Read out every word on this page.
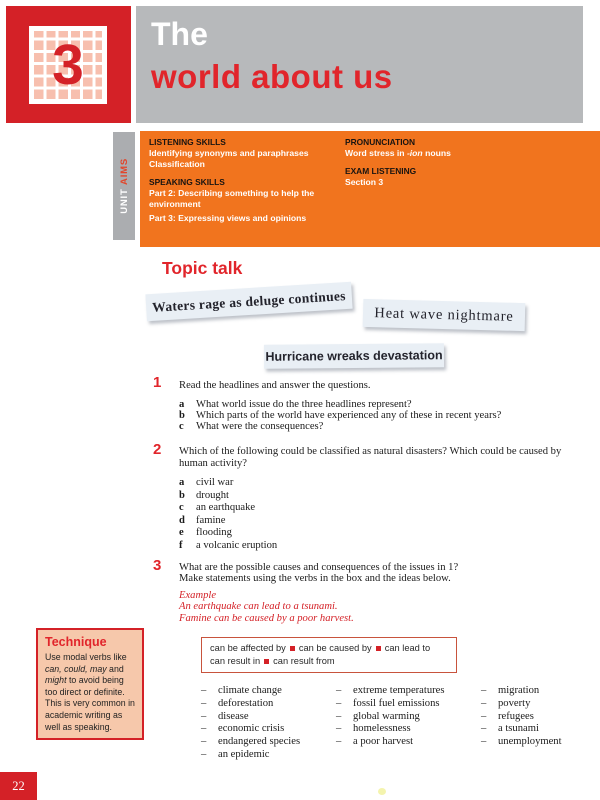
3	The
world about us
UNIT AIMS
LISTENING SKILLS
Identifying synonyms and paraphrases
Classification
SPEAKING SKILLS
Part 2: Describing something to help the environment
Part 3: Expressing views and opinions
PRONUNCIATION
Word stress in -ion nouns
EXAM LISTENING
Section 3
Topic talk
Waters rage as deluge continues
Heat wave nightmare
Hurricane wreaks devastation
1 Read the headlines and answer the questions.
a What world issue do the three headlines represent?
b Which parts of the world have experienced any of these in recent years?
c What were the consequences?
2 Which of the following could be classified as natural disasters? Which could be caused by human activity?
a civil war
b drought
c an earthquake
d famine
e flooding
f a volcanic eruption
3 What are the possible causes and consequences of the issues in 1?
Make statements using the verbs in the box and the ideas below.
Example
An earthquake can lead to a tsunami.
Famine can be caused by a poor harvest.
can be affected by can be caused by can lead to
can result in can result from
– climate change
– deforestation
– disease
– economic crisis
– endangered species
– an epidemic
– extreme temperatures
– fossil fuel emissions
– global warming
– homelessness
– a poor harvest
– migration
– poverty
– refugees
– a tsunami
– unemployment
Technique
Use modal verbs like can, could, may and might to avoid being too direct or definite. This is very common in academic writing as well as speaking.
22
